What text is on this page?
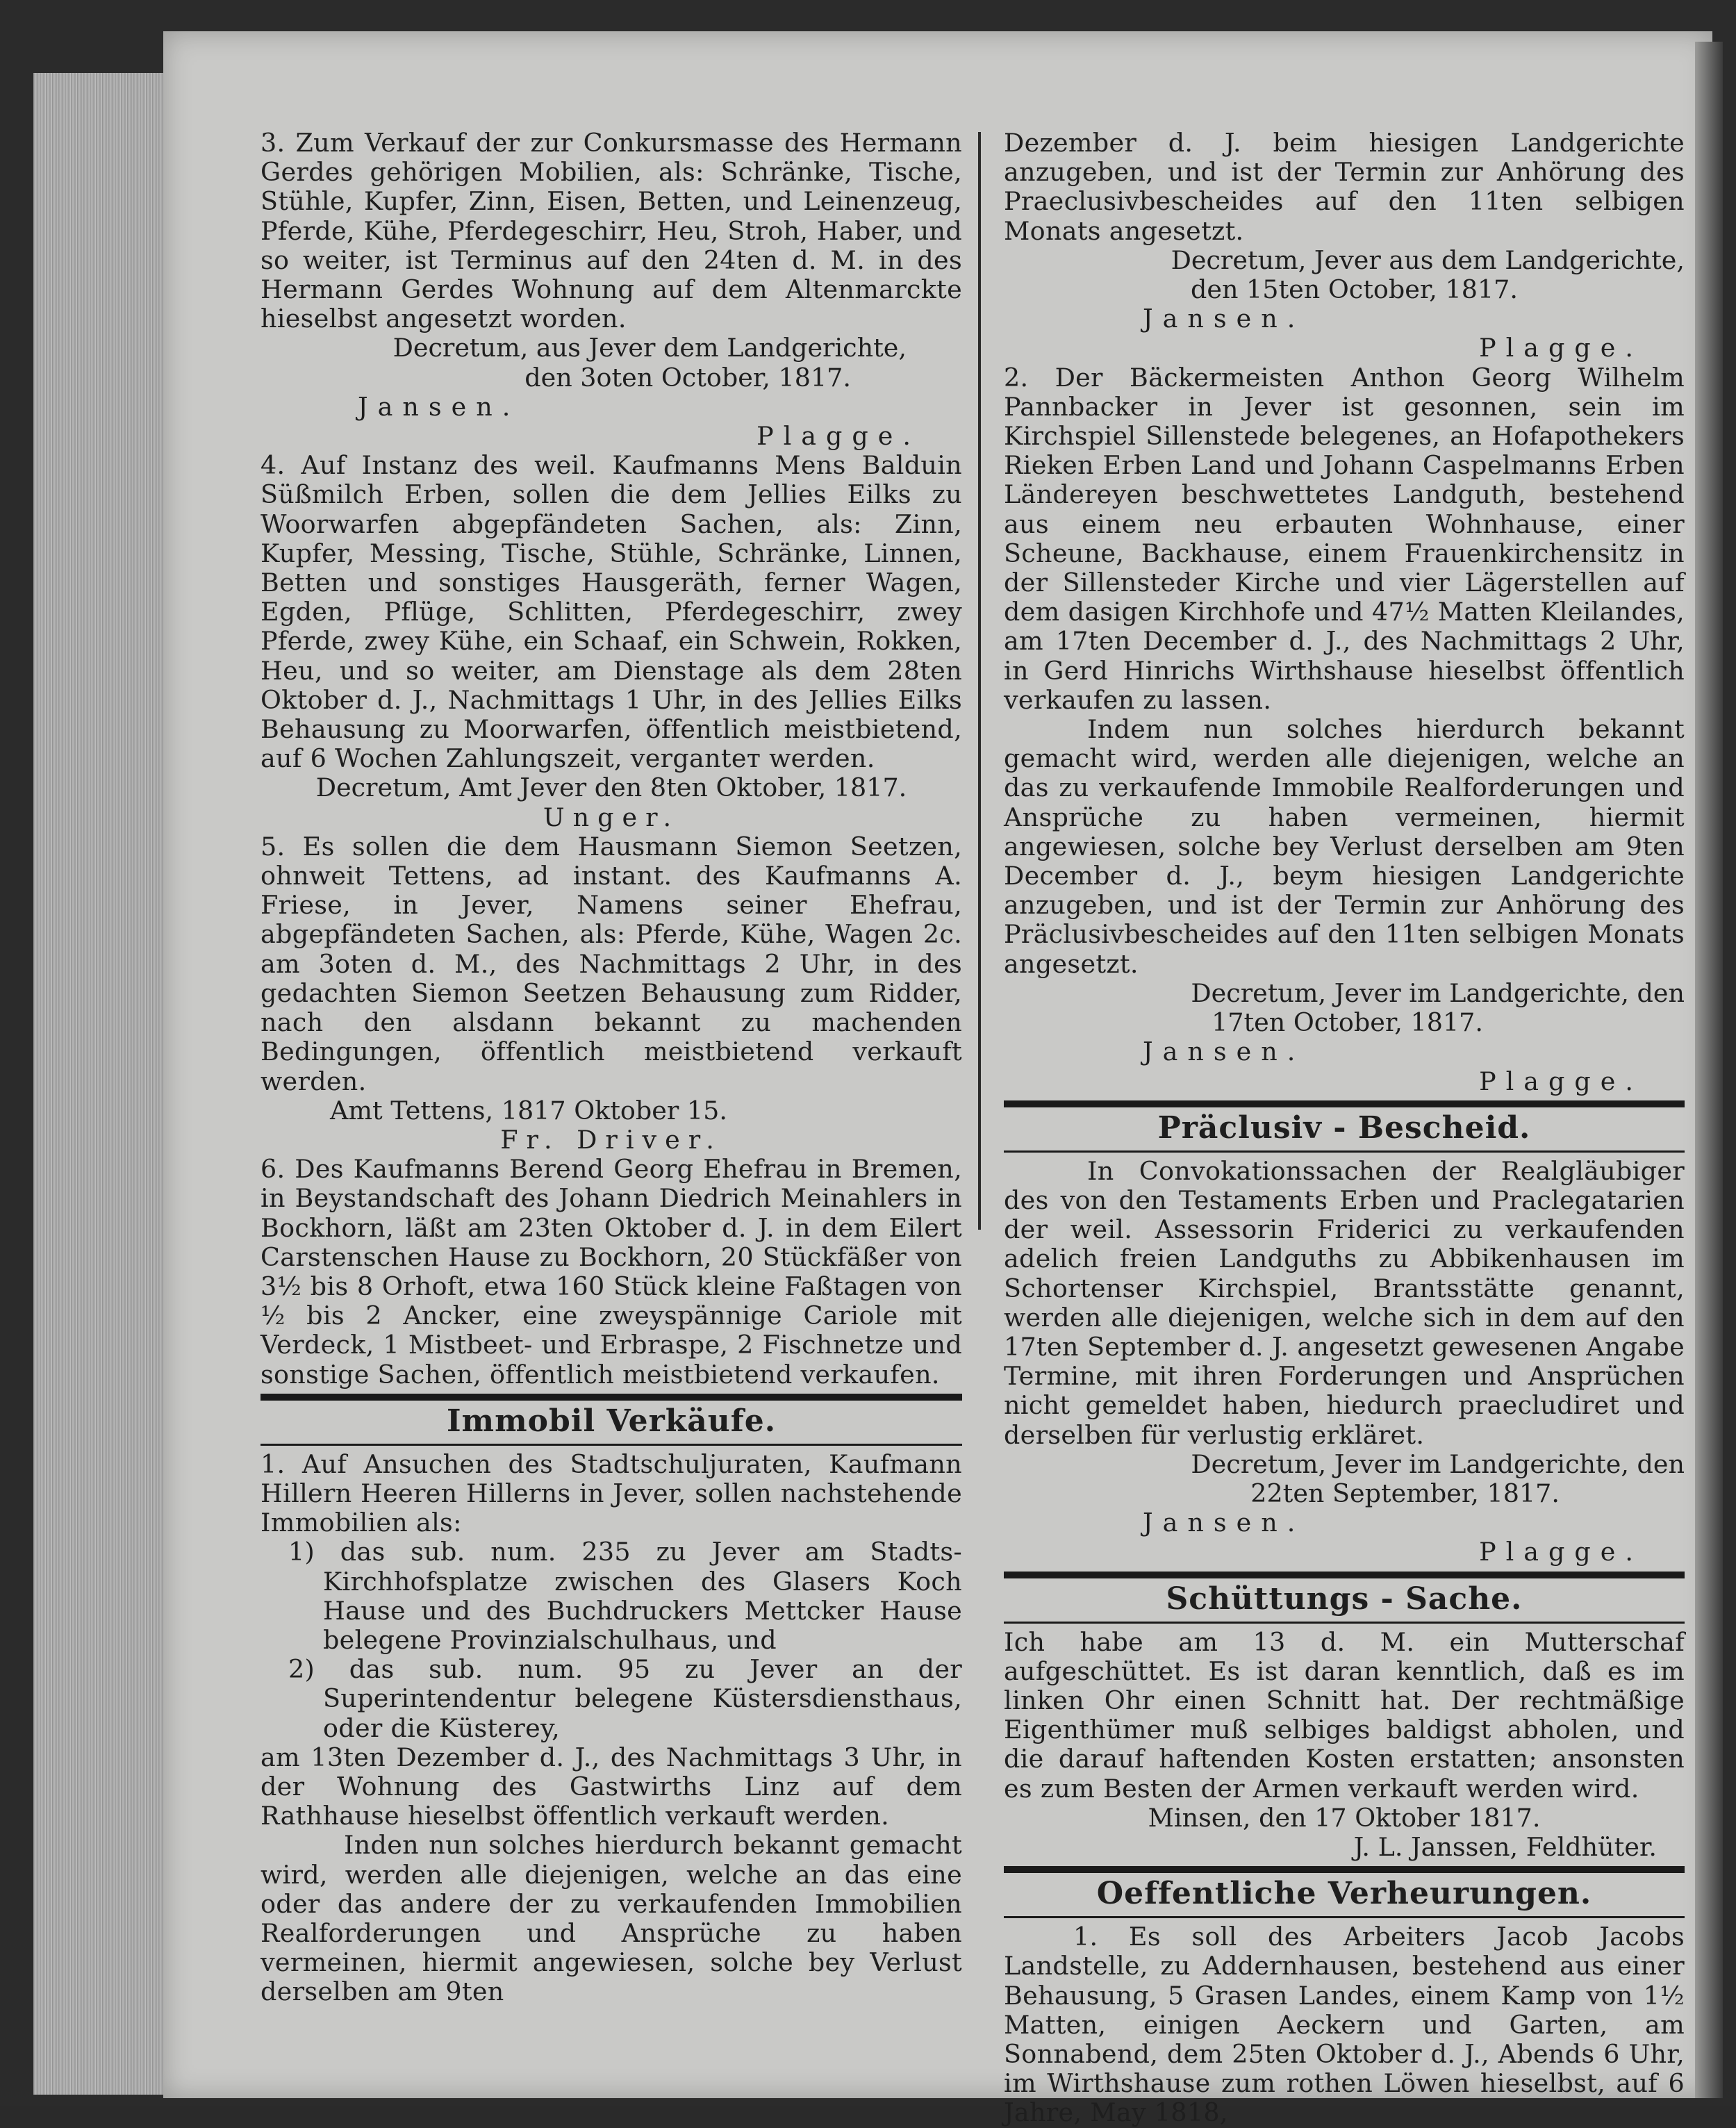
3. Zum Verkauf der zur Conkursmasse des Hermann Gerdes gehörigen Mobilien, als: Schränke, Tische, Stühle, Kupfer, Zinn, Eisen, Betten, und Leinenzeug, Pferde, Kühe, Pferdegeschirr, Heu, Stroh, Haber, und so weiter, ist Terminus auf den 24ten d. M. in des Hermann Gerdes Wohnung auf dem Altenmarckte hieselbst angesetzt worden.

Decretum, aus Jever dem Landgerichte,

den 3oten October, 1817.

Jansen.

Plagge.

4. Auf Instanz des weil. Kaufmanns Mens Balduin Süßmilch Erben, sollen die dem Jellies Eilks zu Woorwarfen abgepfändeten Sachen, als: Zinn, Kupfer, Messing, Tische, Stühle, Schränke, Linnen, Betten und sonstiges Hausgeräth, ferner Wagen, Egden, Pflüge, Schlitten, Pferdegeschirr, zwey Pferde, zwey Kühe, ein Schaaf, ein Schwein, Rokken, Heu, und so weiter, am Dienstage als dem 28ten Oktober d. J., Nachmittags 1 Uhr, in des Jellies Eilks Behausung zu Moorwarfen, öffentlich meistbietend, auf 6 Wochen Zahlungszeit, verganteт werden.

Decretum, Amt Jever den 8ten Oktober, 1817.

Unger.

5. Es sollen die dem Hausmann Siemon Seetzen, ohnweit Tettens, ad instant. des Kaufmanns A. Friese, in Jever, Namens seiner Ehefrau, abgepfändeten Sachen, als: Pferde, Kühe, Wagen 2c. am 3oten d. M., des Nachmittags 2 Uhr, in des gedachten Siemon Seetzen Behausung zum Ridder, nach den alsdann bekannt zu machenden Bedingungen, öffentlich meistbietend verkauft werden.

Amt Tettens, 1817 Oktober 15.

Fr. Driver.

6. Des Kaufmanns Berend Georg Ehefrau in Bremen, in Beystandschaft des Johann Diedrich Meinahlers in Bockhorn, läßt am 23ten Oktober d. J. in dem Eilert Carstenschen Hause zu Bockhorn, 20 Stückfäßer von 3½ bis 8 Orhoft, etwa 160 Stück kleine Faßtagen von ½ bis 2 Ancker, eine zweyspännige Cariole mit Verdeck, 1 Mistbeet- und Erbraspe, 2 Fischnetze und sonstige Sachen, öffentlich meistbietend verkaufen.

Immobil Verkäufe.

1. Auf Ansuchen des Stadtschuljuraten, Kaufmann Hillern Heeren Hillerns in Jever, sollen nachstehende Immobilien als:

1) das sub. num. 235 zu Jever am Stadts-Kirchhofsplatze zwischen des Glasers Koch Hause und des Buchdruckers Mettcker Hause belegene Provinzialschulhaus, und

2) das sub. num. 95 zu Jever an der Superintendentur belegene Küstersdiensthaus, oder die Küsterey,

am 13ten Dezember d. J., des Nachmittags 3 Uhr, in der Wohnung des Gastwirths Linz auf dem Rathhause hieselbst öffentlich verkauft werden.

Inden nun solches hierdurch bekannt gemacht wird, werden alle diejenigen, welche an das eine oder das andere der zu verkaufenden Immobilien Realforderungen und Ansprüche zu haben vermeinen, hiermit angewiesen, solche bey Verlust derselben am 9ten

Dezember d. J. beim hiesigen Landgerichte anzugeben, und ist der Termin zur Anhörung des Praeclusivbescheides auf den 11ten selbigen Monats angesetzt.

Decretum, Jever aus dem Landgerichte,

den 15ten October, 1817.

Jansen.

Plagge.

2. Der Bäckermeisten Anthon Georg Wilhelm Pannbacker in Jever ist gesonnen, sein im Kirchspiel Sillenstede belegenes, an Hofapothekers Rieken Erben Land und Johann Caspelmanns Erben Ländereyen beschwettetes Landguth, bestehend aus einem neu erbauten Wohnhause, einer Scheune, Backhause, einem Frauenkirchensitz in der Sillensteder Kirche und vier Lägerstellen auf dem dasigen Kirchhofe und 47½ Matten Kleilandes, am 17ten December d. J., des Nachmittags 2 Uhr, in Gerd Hinrichs Wirthshause hieselbst öffentlich verkaufen zu lassen.

Indem nun solches hierdurch bekannt gemacht wird, werden alle diejenigen, welche an das zu verkaufende Immobile Realforderungen und Ansprüche zu haben vermeinen, hiermit angewiesen, solche bey Verlust derselben am 9ten December d. J., beym hiesigen Landgerichte anzugeben, und ist der Termin zur Anhörung des Präclusivbescheides auf den 11ten selbigen Monats angesetzt.

Decretum, Jever im Landgerichte, den

17ten October, 1817.

Jansen.

Plagge.

Präclusiv - Bescheid.

In Convokationssachen der Realgläubiger des von den Testaments Erben und Praclegatarien der weil. Assessorin Friderici zu verkaufenden adelich freien Landguths zu Abbikenhausen im Schortenser Kirchspiel, Brantsstätte genannt, werden alle diejenigen, welche sich in dem auf den 17ten September d. J. angesetzt gewesenen Angabe Termine, mit ihren Forderungen und Ansprüchen nicht gemeldet haben, hiedurch praecludiret und derselben für verlustig erkläret.

Decretum, Jever im Landgerichte, den

22ten September, 1817.

Jansen.

Plagge.

Schüttungs - Sache.

Ich habe am 13 d. M. ein Mutterschaf aufgeschüttet. Es ist daran kenntlich, daß es im linken Ohr einen Schnitt hat. Der rechtmäßige Eigenthümer muß selbiges baldigst abholen, und die darauf haftenden Kosten erstatten; ansonsten es zum Besten der Armen verkauft werden wird.

Minsen, den 17 Oktober 1817.

J. L. Janssen, Feldhüter.

Oeffentliche Verheurungen.

1. Es soll des Arbeiters Jacob Jacobs Landstelle, zu Addernhausen, bestehend aus einer Behausung, 5 Grasen Landes, einem Kamp von 1½ Matten, einigen Aeckern und Garten, am Sonnabend, dem 25ten Oktober d. J., Abends 6 Uhr, im Wirthshause zum rothen Löwen hieselbst, auf 6 Jahre, May 1818,
